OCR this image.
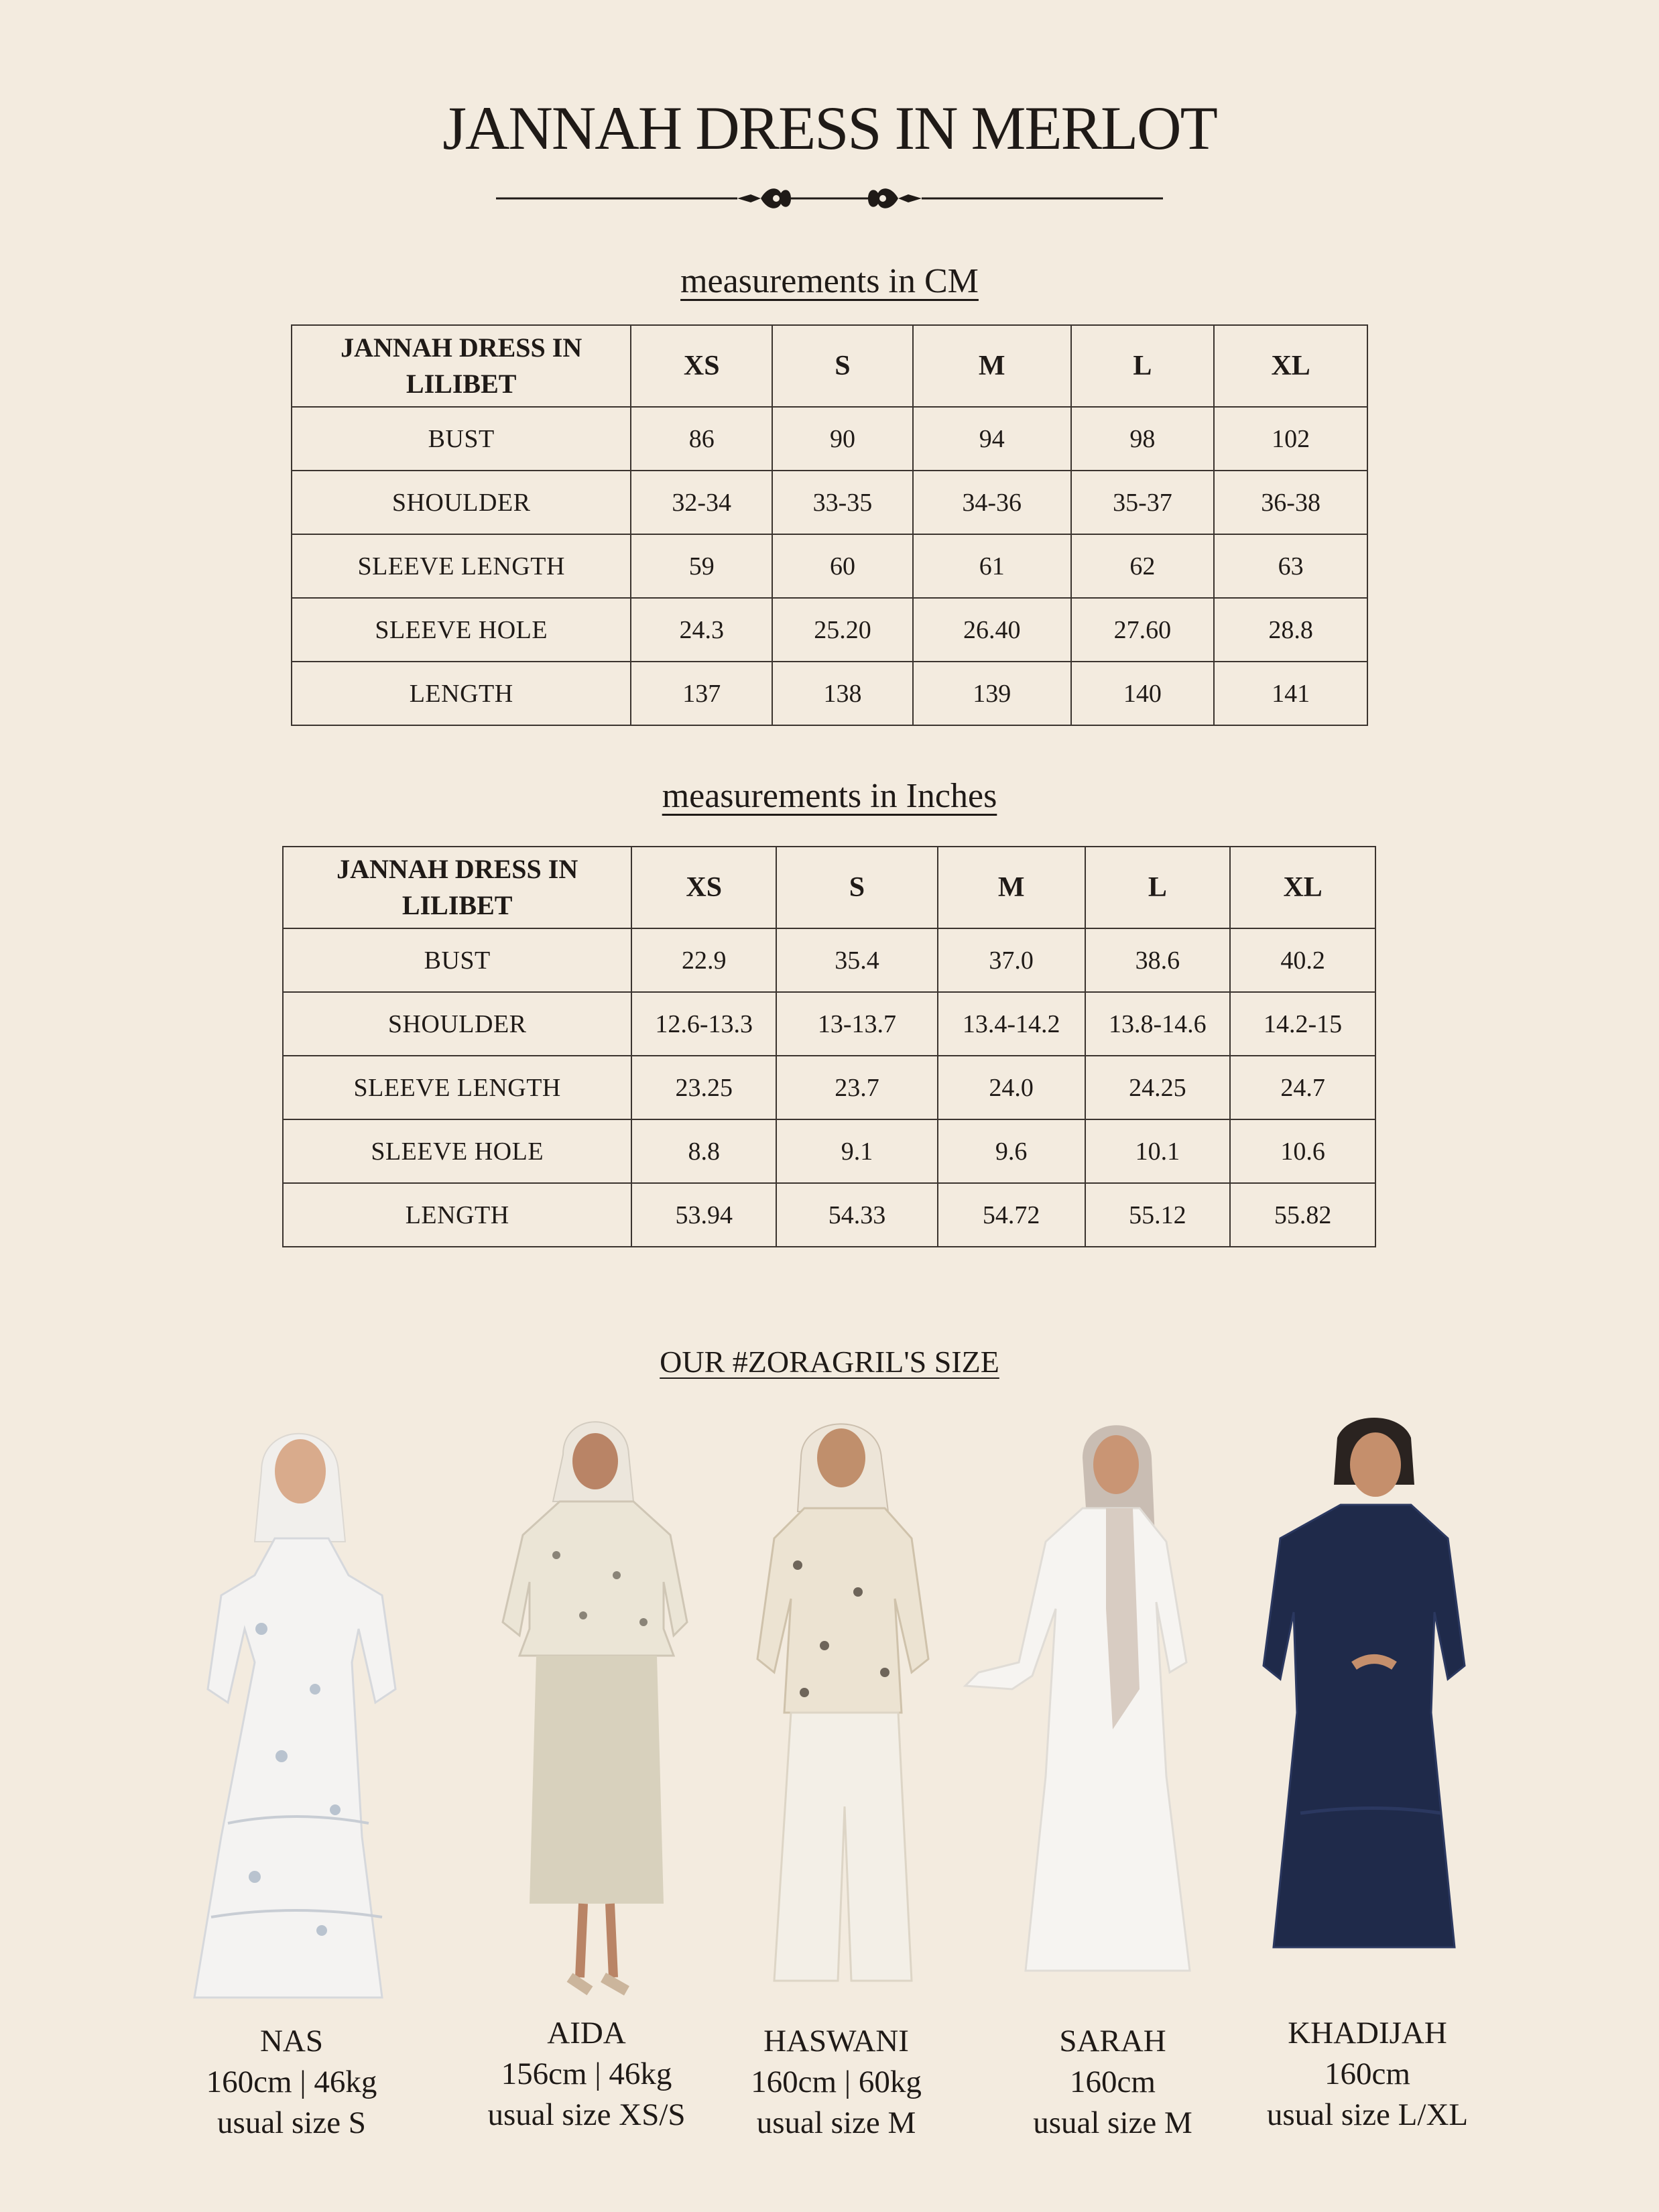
JANNAH DRESS IN MERLOT
measurements in CM
JANNAH DRESS IN LILIBET	XS	S	M	L	XL
BUST	86	90	94	98	102
SHOULDER	32-34	33-35	34-36	35-37	36-38
SLEEVE LENGTH	59	60	61	62	63
SLEEVE HOLE	24.3	25.20	26.40	27.60	28.8
LENGTH	137	138	139	140	141
measurements in Inches
JANNAH DRESS IN LILIBET	XS	S	M	L	XL
BUST	22.9	35.4	37.0	38.6	40.2
SHOULDER	12.6-13.3	13-13.7	13.4-14.2	13.8-14.6	14.2-15
SLEEVE LENGTH	23.25	23.7	24.0	24.25	24.7
SLEEVE HOLE	8.8	9.1	9.6	10.1	10.6
LENGTH	53.94	54.33	54.72	55.12	55.82
OUR #ZORAGRIL'S SIZE
NAS
160cm | 46kg
usual size S
AIDA
156cm | 46kg
usual size XS/S
HASWANI
160cm | 60kg
usual size M
SARAH
160cm
usual size M
KHADIJAH
160cm
usual size L/XL
